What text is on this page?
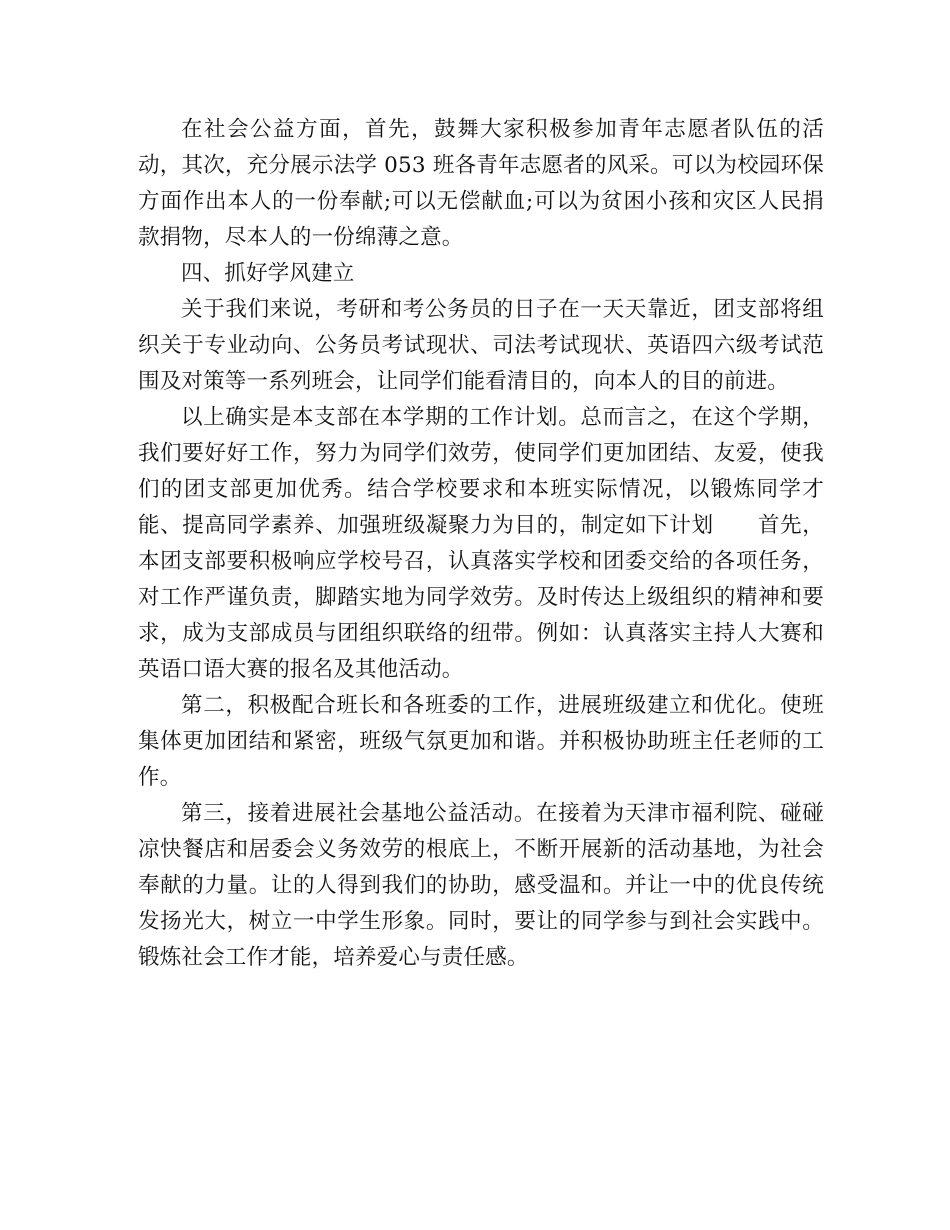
在社会公益方面，首先，鼓舞大家积极参加青年志愿者队伍的活动，其次，充分展示法学 053 班各青年志愿者的风采。可以为校园环保方面作出本人的一份奉献;可以无偿献血;可以为贫困小孩和灾区人民捐款捐物，尽本人的一份绵薄之意。

四、抓好学风建立

关于我们来说，考研和考公务员的日子在一天天靠近，团支部将组织关于专业动向、公务员考试现状、司法考试现状、英语四六级考试范围及对策等一系列班会，让同学们能看清目的，向本人的目的前进。

以上确实是本支部在本学期的工作计划。总而言之，在这个学期，我们要好好工作，努力为同学们效劳，使同学们更加团结、友爱，使我们的团支部更加优秀。结合学校要求和本班实际情况，以锻炼同学才能、提高同学素养、加强班级凝聚力为目的，制定如下计划　　首先，本团支部要积极响应学校号召，认真落实学校和团委交给的各项任务，对工作严谨负责，脚踏实地为同学效劳。及时传达上级组织的精神和要求，成为支部成员与团组织联络的纽带。例如：认真落实主持人大赛和英语口语大赛的报名及其他活动。

第二，积极配合班长和各班委的工作，进展班级建立和优化。使班集体更加团结和紧密，班级气氛更加和谐。并积极协助班主任老师的工作。

第三，接着进展社会基地公益活动。在接着为天津市福利院、碰碰凉快餐店和居委会义务效劳的根底上，不断开展新的活动基地，为社会奉献的力量。让的人得到我们的协助，感受温和。并让一中的优良传统发扬光大，树立一中学生形象。同时，要让的同学参与到社会实践中。锻炼社会工作才能，培养爱心与责任感。
